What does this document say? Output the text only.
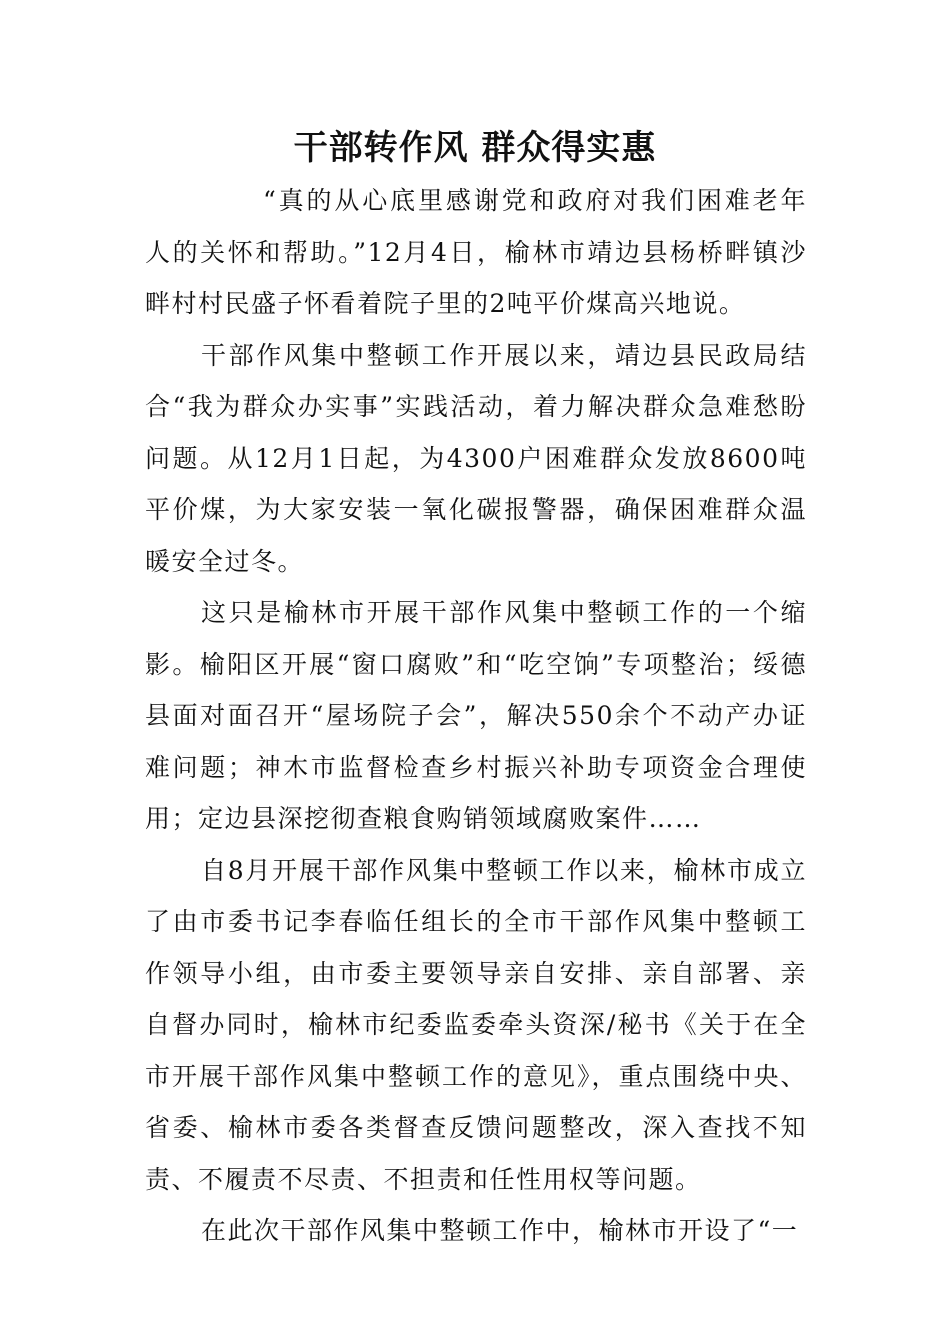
干部转作风 群众得实惠

“真的从心底里感谢党和政府对我们困难老年人的关怀和帮助。”12月4日，榆林市靖边县杨桥畔镇沙畔村村民盛子怀看着院子里的2吨平价煤高兴地说。

干部作风集中整顿工作开展以来，靖边县民政局结合“我为群众办实事”实践活动，着力解决群众急难愁盼问题。从12月1日起，为4300户困难群众发放8600吨平价煤，为大家安装一氧化碳报警器，确保困难群众温暖安全过冬。

这只是榆林市开展干部作风集中整顿工作的一个缩影。榆阳区开展“窗口腐败”和“吃空饷”专项整治；绥德县面对面召开“屋场院子会”，解决550余个不动产办证难问题；神木市监督检查乡村振兴补助专项资金合理使用；定边县深挖彻查粮食购销领域腐败案件……

自8月开展干部作风集中整顿工作以来，榆林市成立了由市委书记李春临任组长的全市干部作风集中整顿工作领导小组，由市委主要领导亲自安排、亲自部署、亲自督办同时，榆林市纪委监委牵头资深/秘书《关于在全市开展干部作风集中整顿工作的意见》，重点围绕中央、省委、榆林市委各类督查反馈问题整改，深入查找不知责、不履责不尽责、不担责和任性用权等问题。

在此次干部作风集中整顿工作中，榆林市开设了“一
